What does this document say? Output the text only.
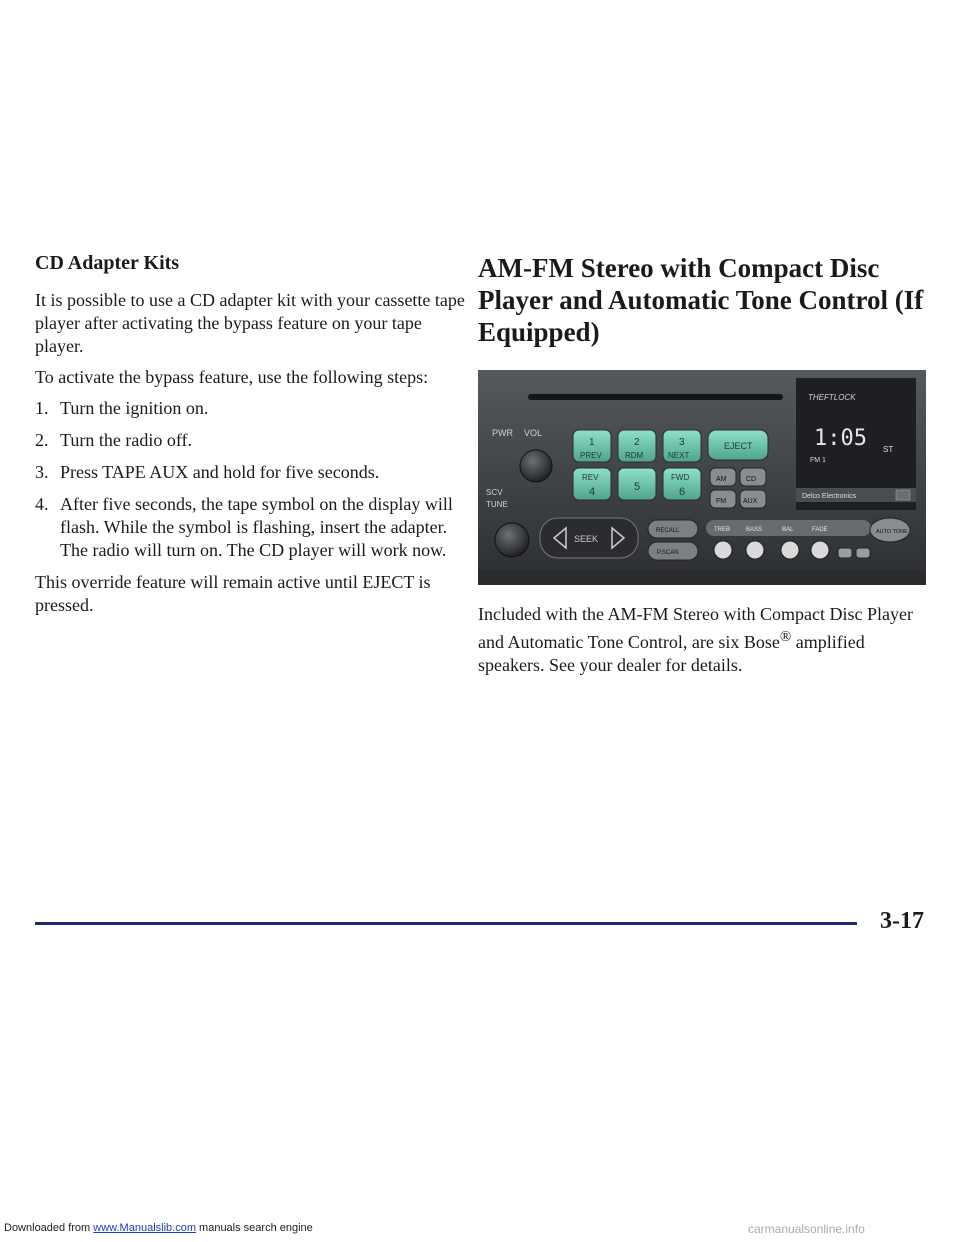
CD Adapter Kits
It is possible to use a CD adapter kit with your cassette tape player after activating the bypass feature on your tape player.
To activate the bypass feature, use the following steps:
1. Turn the ignition on.
2. Turn the radio off.
3. Press TAPE AUX and hold for five seconds.
4. After five seconds, the tape symbol on the display will flash. While the symbol is flashing, insert the adapter. The radio will turn on. The CD player will work now.
This override feature will remain active until EJECT is pressed.
AM-FM Stereo with Compact Disc Player and Automatic Tone Control (If Equipped)
THEFTLOCK
1:05
FM 1
ST
Delco Electronics
PWR VOL
SCV
TUNE
1
PREV
2
RDM
3
NEXT
EJECT
REV
4	5
FWD
6
AM	CD
FM AUX
SEEK
RECALL
P.SCAN
TREB	BASS	BAL	FADE	AUTO TONE
Included with the AM-FM Stereo with Compact Disc Player and Automatic Tone Control, are six Bose® amplified speakers. See your dealer for details.
3-17
Downloaded from www.Manualslib.com manuals search engine	carmanualsonline.info
